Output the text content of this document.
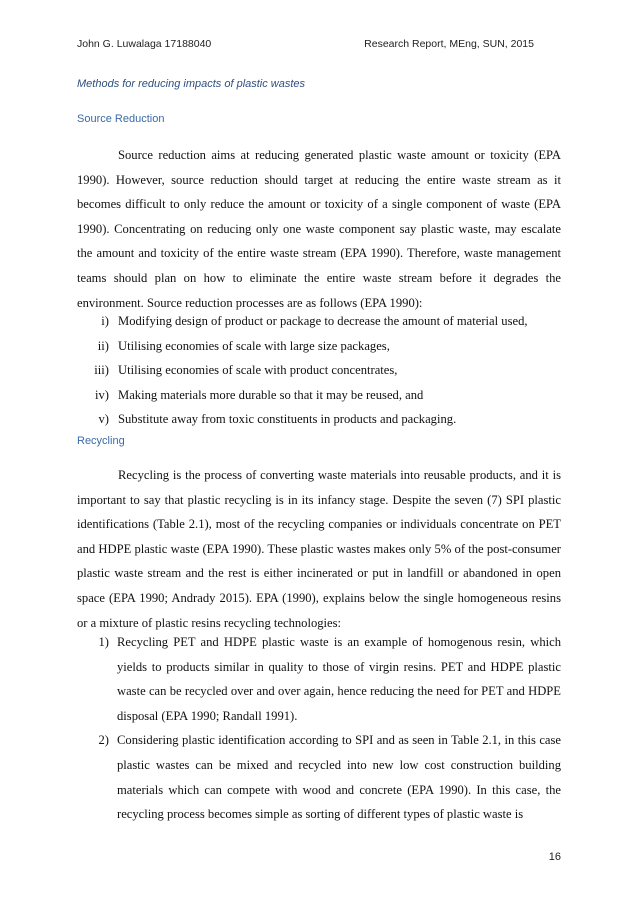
John G. Luwalaga 17188040	Research Report, MEng, SUN, 2015
Methods for reducing impacts of plastic wastes
Source Reduction

Source reduction aims at reducing generated plastic waste amount or toxicity (EPA 1990). However, source reduction should target at reducing the entire waste stream as it becomes difficult to only reduce the amount or toxicity of a single component of waste (EPA 1990). Concentrating on reducing only one waste component say plastic waste, may escalate the amount and toxicity of the entire waste stream (EPA 1990). Therefore, waste management teams should plan on how to eliminate the entire waste stream before it degrades the environment. Source reduction processes are as follows (EPA 1990):

i) Modifying design of product or package to decrease the amount of material used,
ii) Utilising economies of scale with large size packages,
iii) Utilising economies of scale with product concentrates,
iv) Making materials more durable so that it may be reused, and
v) Substitute away from toxic constituents in products and packaging.
Recycling

Recycling is the process of converting waste materials into reusable products, and it is important to say that plastic recycling is in its infancy stage. Despite the seven (7) SPI plastic identifications (Table 2.1), most of the recycling companies or individuals concentrate on PET and HDPE plastic waste (EPA 1990). These plastic wastes makes only 5% of the post-consumer plastic waste stream and the rest is either incinerated or put in landfill or abandoned in open space (EPA 1990; Andrady 2015). EPA (1990), explains below the single homogeneous resins or a mixture of plastic resins recycling technologies:

1) Recycling PET and HDPE plastic waste is an example of homogenous resin, which yields to products similar in quality to those of virgin resins. PET and HDPE plastic waste can be recycled over and over again, hence reducing the need for PET and HDPE disposal (EPA 1990; Randall 1991).
2) Considering plastic identification according to SPI and as seen in Table 2.1, in this case plastic wastes can be mixed and recycled into new low cost construction building materials which can compete with wood and concrete (EPA 1990). In this case, the recycling process becomes simple as sorting of different types of plastic waste is
16
